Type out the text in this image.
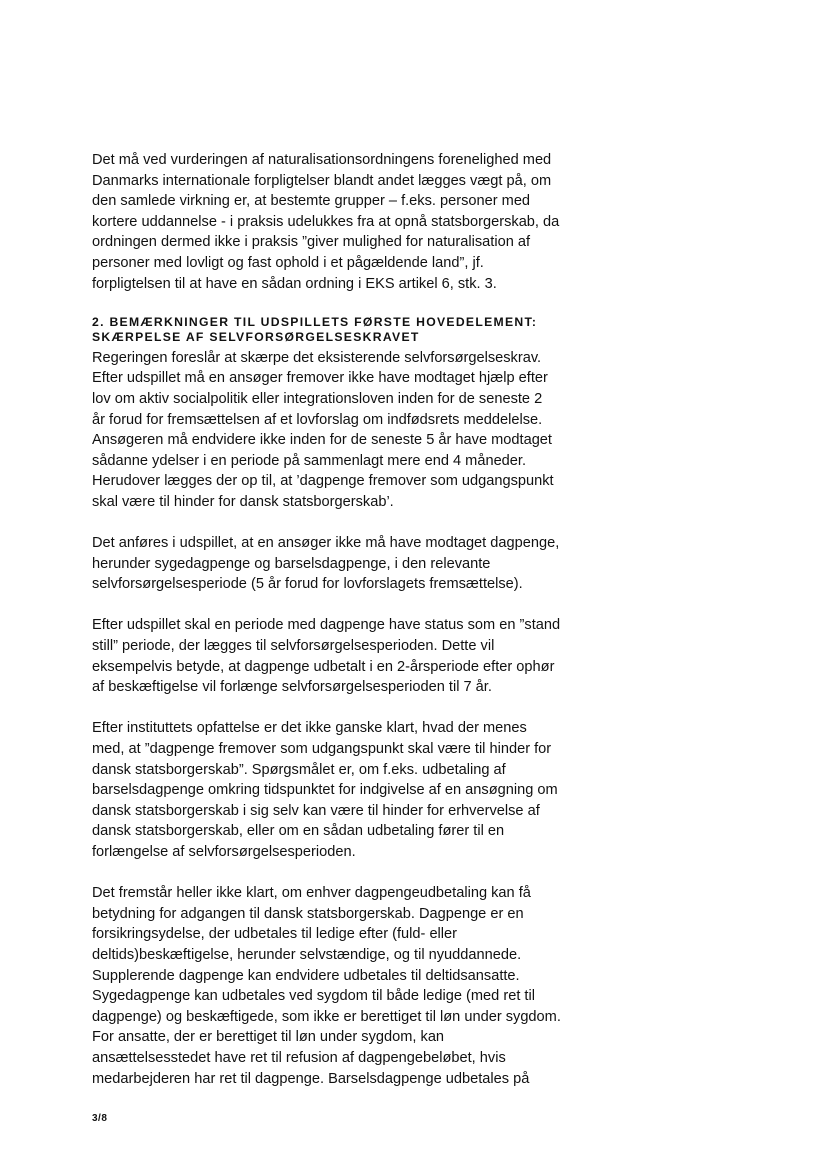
Det må ved vurderingen af naturalisationsordningens forenelighed med
Danmarks internationale forpligtelser blandt andet lægges vægt på, om
den samlede virkning er, at bestemte grupper – f.eks. personer med
kortere uddannelse - i praksis udelukkes fra at opnå statsborgerskab, da
ordningen dermed ikke i praksis ”giver mulighed for naturalisation af
personer med lovligt og fast ophold i et pågældende land”, jf.
forpligtelsen til at have en sådan ordning i EKS artikel 6, stk. 3.

2. BEMÆRKNINGER TIL UDSPILLETS FØRSTE HOVEDELEMENT:
SKÆRPELSE AF SELVFORSØRGELSESKRAVET

Regeringen foreslår at skærpe det eksisterende selvforsørgelseskrav.
Efter udspillet må en ansøger fremover ikke have modtaget hjælp efter
lov om aktiv socialpolitik eller integrationsloven inden for de seneste 2
år forud for fremsættelsen af et lovforslag om indfødsrets meddelelse.
Ansøgeren må endvidere ikke inden for de seneste 5 år have modtaget
sådanne ydelser i en periode på sammenlagt mere end 4 måneder.
Herudover lægges der op til, at ’dagpenge fremover som udgangspunkt
skal være til hinder for dansk statsborgerskab’.

Det anføres i udspillet, at en ansøger ikke må have modtaget dagpenge,
herunder sygedagpenge og barselsdagpenge, i den relevante
selvforsørgelsesperiode (5 år forud for lovforslagets fremsættelse).

Efter udspillet skal en periode med dagpenge have status som en ”stand
still” periode, der lægges til selvforsørgelsesperioden. Dette vil
eksempelvis betyde, at dagpenge udbetalt i en 2-årsperiode efter ophør
af beskæftigelse vil forlænge selvforsørgelsesperioden til 7 år.

Efter instituttets opfattelse er det ikke ganske klart, hvad der menes
med, at ”dagpenge fremover som udgangspunkt skal være til hinder for
dansk statsborgerskab”. Spørgsmålet er, om f.eks. udbetaling af
barselsdagpenge omkring tidspunktet for indgivelse af en ansøgning om
dansk statsborgerskab i sig selv kan være til hinder for erhvervelse af
dansk statsborgerskab, eller om en sådan udbetaling fører til en
forlængelse af selvforsørgelsesperioden.

Det fremstår heller ikke klart, om enhver dagpengeudbetaling kan få
betydning for adgangen til dansk statsborgerskab. Dagpenge er en
forsikringsydelse, der udbetales til ledige efter (fuld- eller
deltids)beskæftigelse, herunder selvstændige, og til nyuddannede.
Supplerende dagpenge kan endvidere udbetales til deltidsansatte.
Sygedagpenge kan udbetales ved sygdom til både ledige (med ret til
dagpenge) og beskæftigede, som ikke er berettiget til løn under sygdom.
For ansatte, der er berettiget til løn under sygdom, kan
ansættelsesstedet have ret til refusion af dagpengebeløbet, hvis
medarbejderen har ret til dagpenge. Barselsdagpenge udbetales på

3/8
